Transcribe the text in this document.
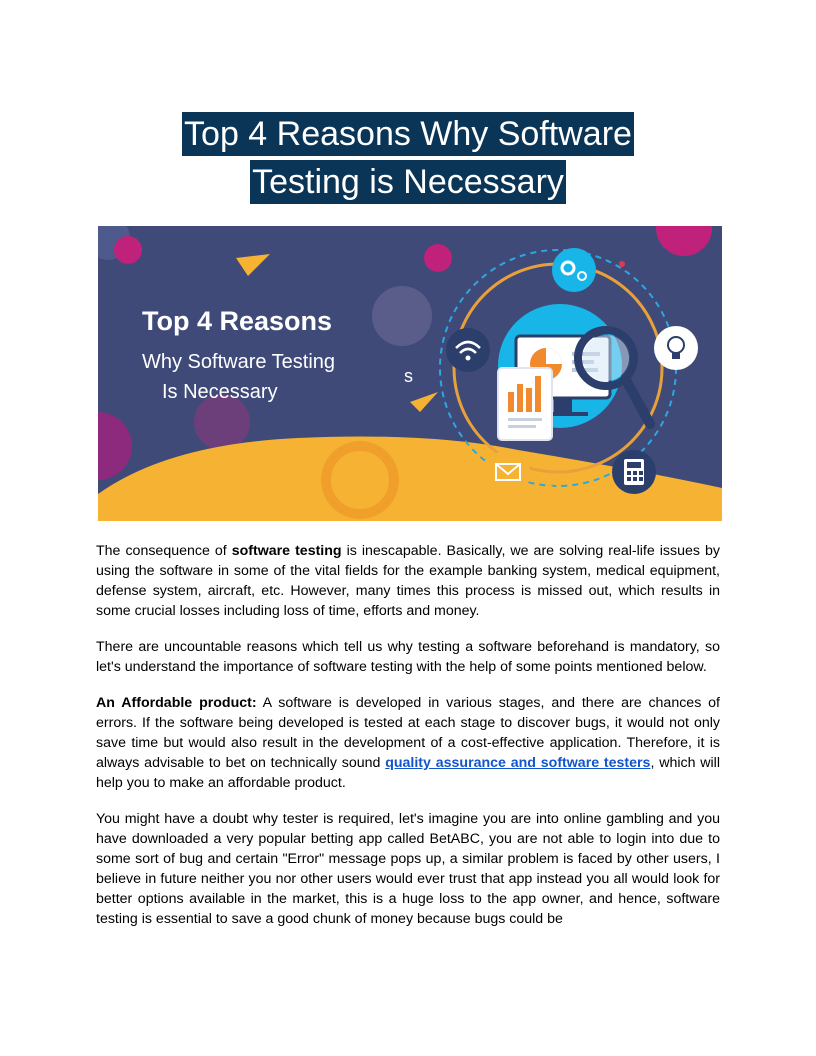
Top 4 Reasons Why Software
Testing is Necessary
Top 4 Reasons
Why Software Testing
Is Necessary
s

The consequence of software testing is inescapable. Basically, we are solving real-life issues by using the software in some of the vital fields for the example banking system, medical equipment, defense system, aircraft, etc. However, many times this process is missed out, which results in some crucial losses including loss of time, efforts and money.

There are uncountable reasons which tell us why testing a software beforehand is mandatory, so let's understand the importance of software testing with the help of some points mentioned below.

An Affordable product: A software is developed in various stages, and there are chances of errors. If the software being developed is tested at each stage to discover bugs, it would not only save time but would also result in the development of a cost-effective application. Therefore, it is always advisable to bet on technically sound quality assurance and software testers, which will help you to make an affordable product.

You might have a doubt why tester is required, let's imagine you are into online gambling and you have downloaded a very popular betting app called BetABC, you are not able to login into due to some sort of bug and certain "Error" message pops up, a similar problem is faced by other users, I believe in future neither you nor other users would ever trust that app instead you all would look for better options available in the market, this is a huge loss to the app owner, and hence, software testing is essential to save a good chunk of money because bugs could be
